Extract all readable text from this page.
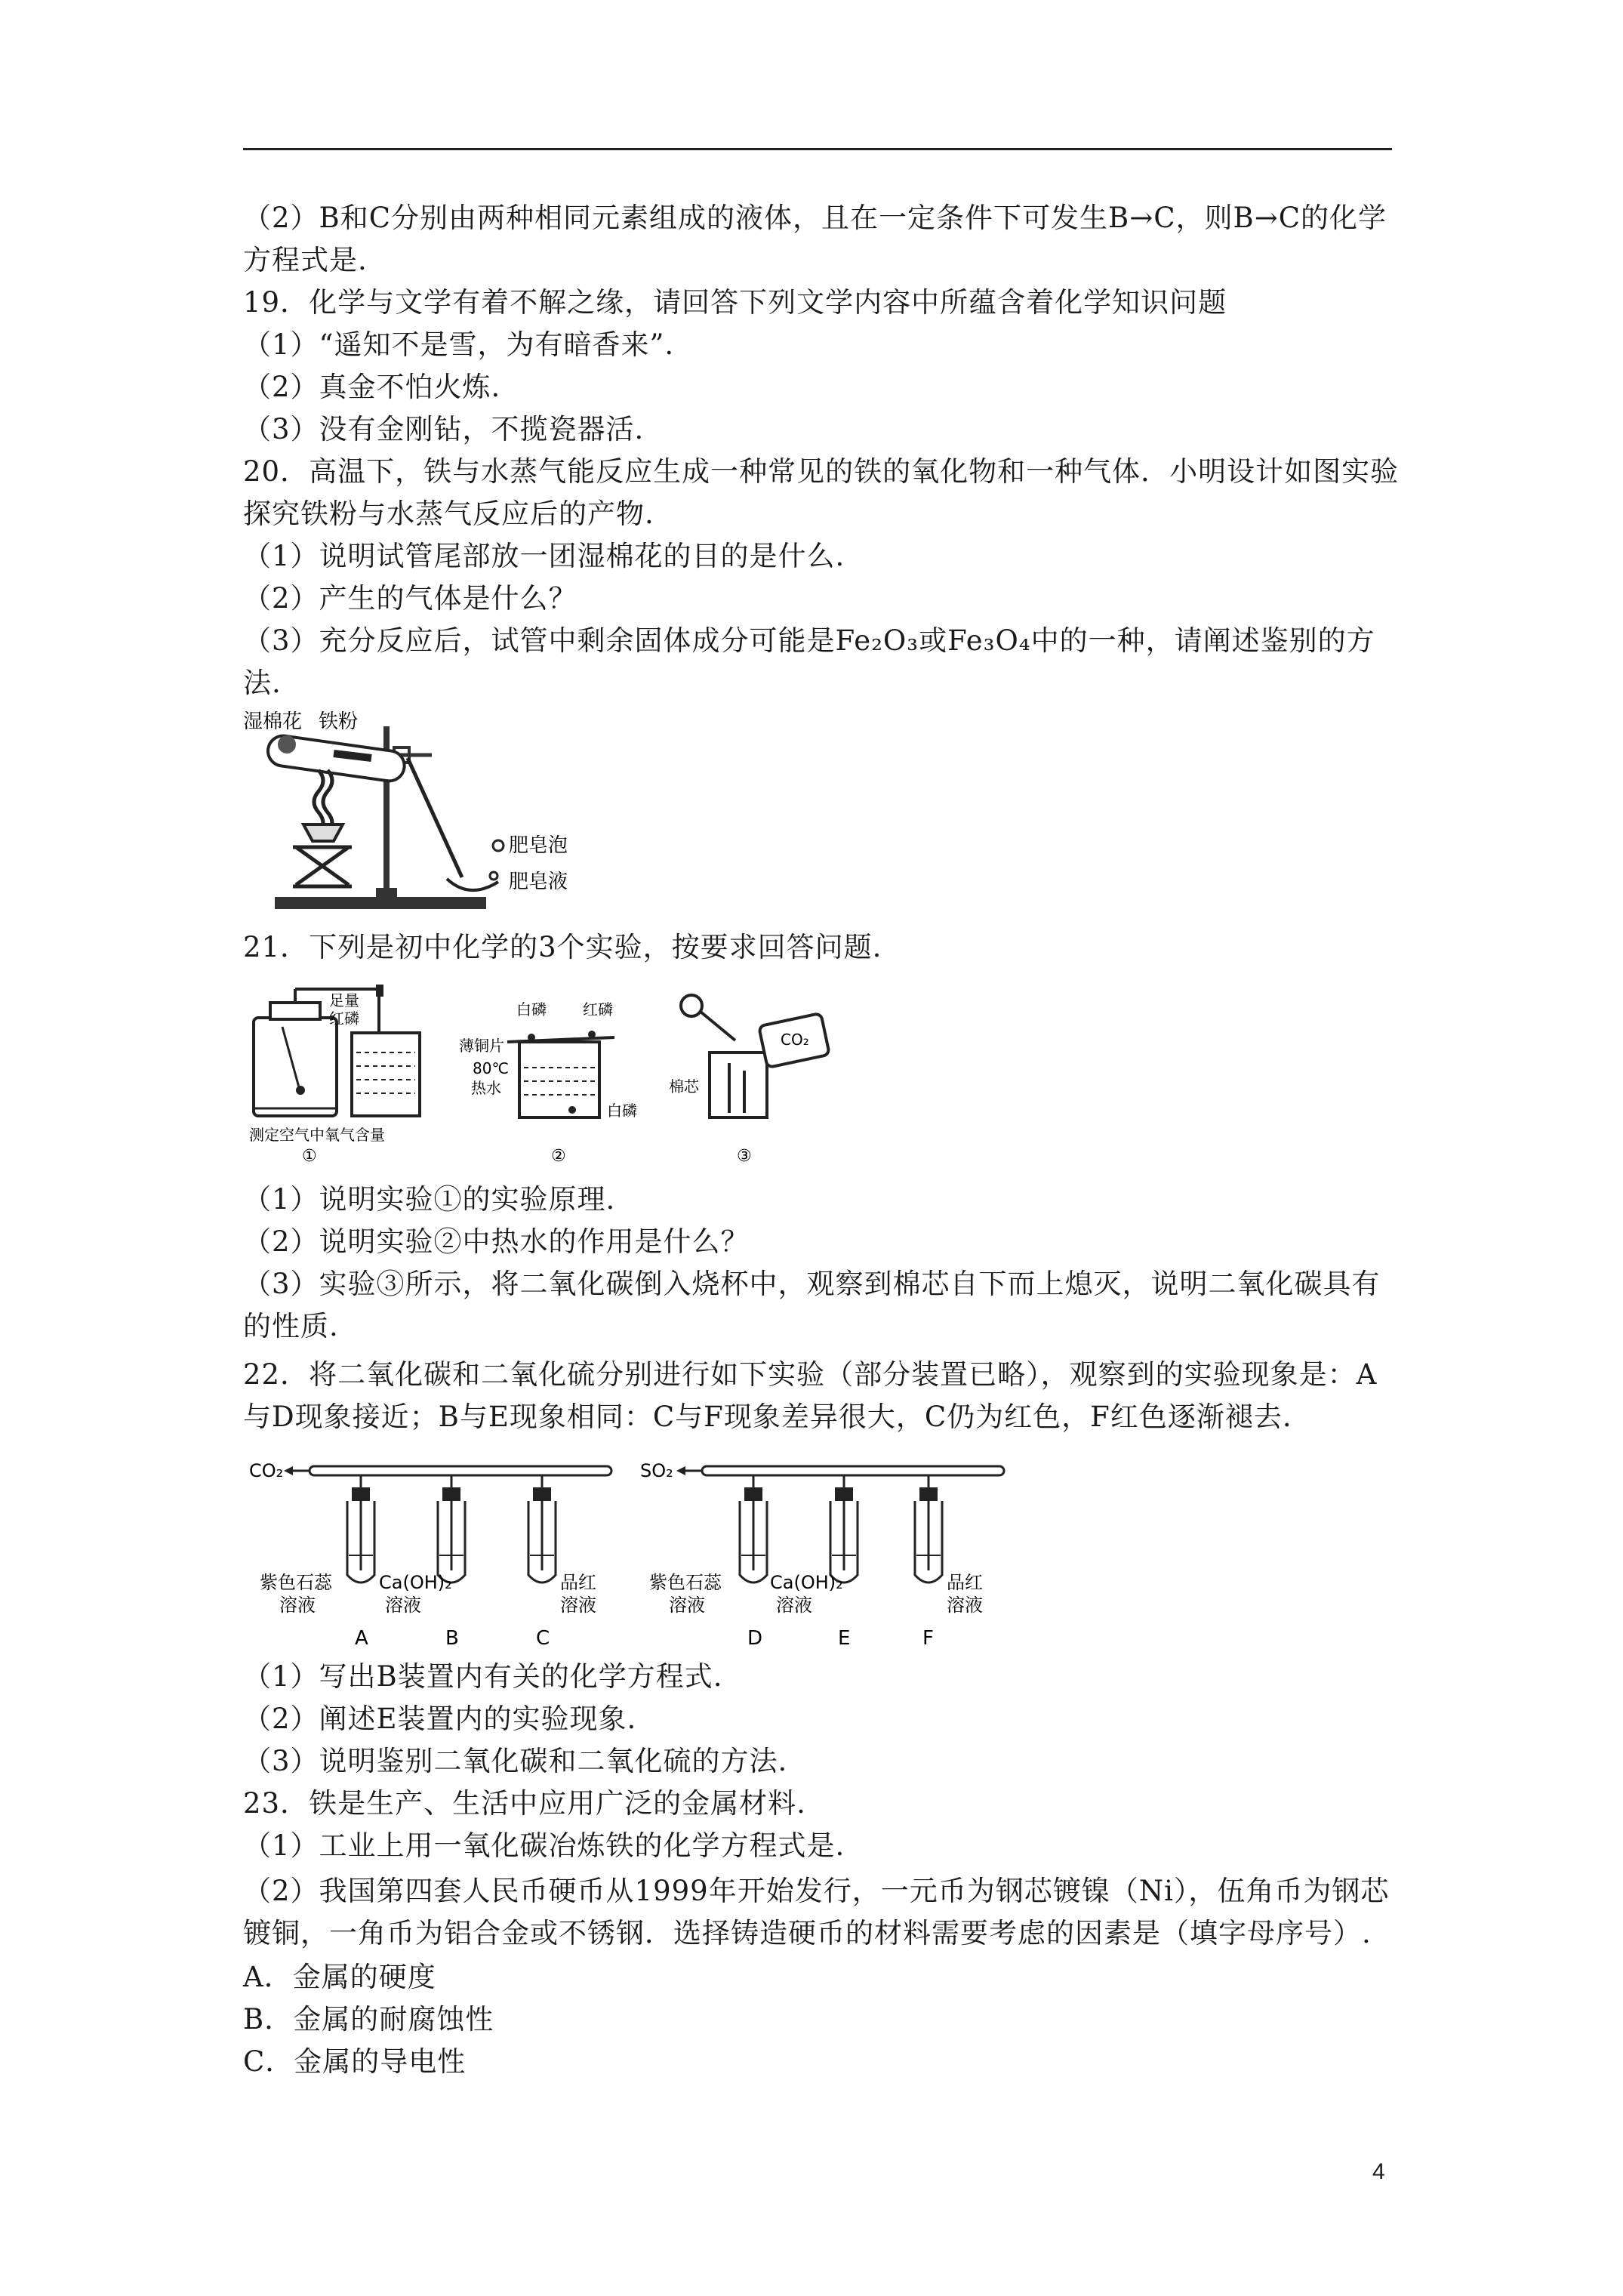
（2）B和C分别由两种相同元素组成的液体，且在一定条件下可发生B→C，则B→C的化学
方程式是.
19．化学与文学有着不解之缘，请回答下列文学内容中所蕴含着化学知识问题
（1）“遥知不是雪，为有暗香来”.
（2）真金不怕火炼.
（3）没有金刚钻，不揽瓷器活.
20．高温下，铁与水蒸气能反应生成一种常见的铁的氧化物和一种气体．小明设计如图实验
探究铁粉与水蒸气反应后的产物.
（1）说明试管尾部放一团湿棉花的目的是什么.
（2）产生的气体是什么？
（3）充分反应后，试管中剩余固体成分可能是Fe₂O₃或Fe₃O₄中的一种，请阐述鉴别的方
法.
湿棉花 铁粉
肥皂泡
肥皂液
21．下列是初中化学的3个实验，按要求回答问题.
足量
红磷
测定空气中氧气含量
①
白磷 红磷
薄铜片
80℃
热水
白磷
②
CO₂
棉芯
③
（1）说明实验①的实验原理.
（2）说明实验②中热水的作用是什么？
（3）实验③所示，将二氧化碳倒入烧杯中，观察到棉芯自下而上熄灭，说明二氧化碳具有
的性质.
22．将二氧化碳和二氧化硫分别进行如下实验（部分装置已略），观察到的实验现象是：A
与D现象接近；B与E现象相同：C与F现象差异很大，C仍为红色，F红色逐渐褪去.
CO₂	SO₂
紫色石蕊
溶液
Ca(OH)₂
溶液
品红
溶液
紫色石蕊
溶液
Ca(OH)₂
溶液
品红
溶液
A	B	C	D	E	F
（1）写出B装置内有关的化学方程式.
（2）阐述E装置内的实验现象.
（3）说明鉴别二氧化碳和二氧化硫的方法.
23．铁是生产、生活中应用广泛的金属材料.
（1）工业上用一氧化碳冶炼铁的化学方程式是.
（2）我国第四套人民币硬币从1999年开始发行，一元币为钢芯镀镍（Ni），伍角币为钢芯
镀铜，一角币为铝合金或不锈钢．选择铸造硬币的材料需要考虑的因素是（填字母序号）.
A．金属的硬度
B．金属的耐腐蚀性
C．金属的导电性
4
